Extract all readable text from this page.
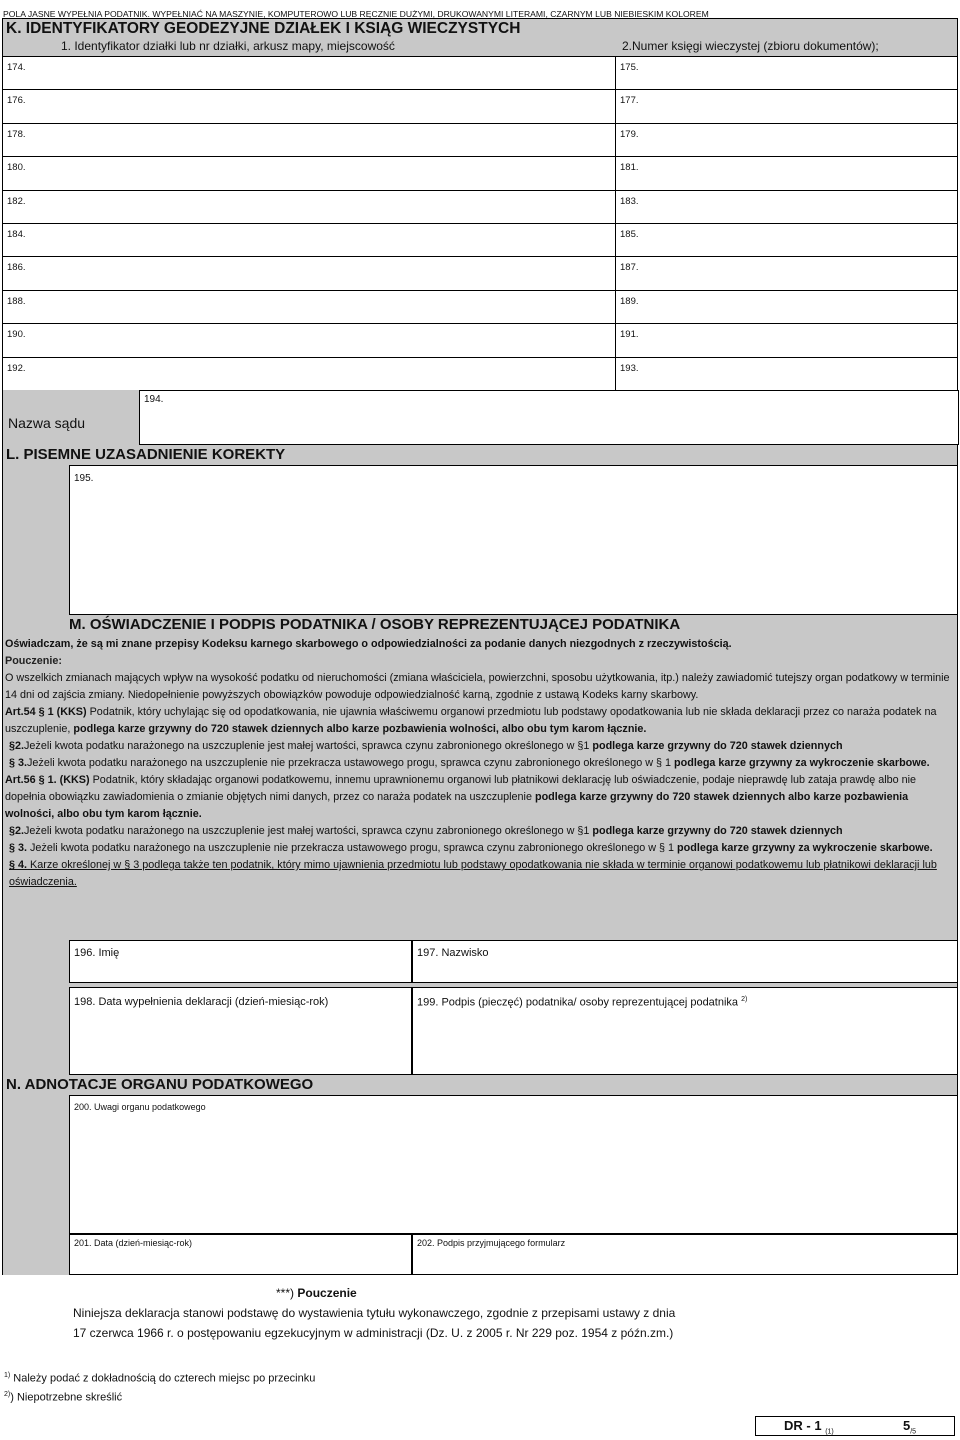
POLA JASNE WYPEŁNIA PODATNIK. WYPEŁNIAĆ NA MASZYNIE, KOMPUTEROWO LUB RĘCZNIE DUŻYMI, DRUKOWANYMI LITERAMI, CZARNYM LUB NIEBIESKIM KOLOREM
K. IDENTYFIKATORY GEODEZYJNE DZIAŁEK I KSIĄG WIECZYSTYCH
1. Identyfikator działki lub nr działki, arkusz mapy, miejscowość	2.Numer księgi wieczystej (zbioru dokumentów);
174.	175.
176.	177.
178.	179.
180.	181.
182.	183.
184.	185.
186.	187.
188.	189.
190.	191.
192.	193.
Nazwa sądu
194.
L. PISEMNE UZASADNIENIE KOREKTY
195.
M. OŚWIADCZENIE I PODPIS PODATNIKA / OSOBY REPREZENTUJĄCEJ PODATNIKA

Oświadczam, że są mi znane przepisy Kodeksu karnego skarbowego o odpowiedzialności za podanie danych niezgodnych z rzeczywistością.

Pouczenie:

O wszelkich zmianach mających wpływ na wysokość podatku od nieruchomości (zmiana właściciela, powierzchni, sposobu użytkowania, itp.) należy zawiadomić tutejszy organ podatkowy w terminie 14 dni od zajścia zmiany. Niedopełnienie powyższych obowiązków powoduje odpowiedzialność karną, zgodnie z ustawą Kodeks karny skarbowy.

Art.54 § 1 (KKS) Podatnik, który uchylając się od opodatkowania, nie ujawnia właściwemu organowi przedmiotu lub podstawy opodatkowania lub nie składa deklaracji przez co naraża podatek na uszczuplenie, podlega karze grzywny do 720 stawek dziennych albo karze pozbawienia wolności, albo obu tym karom łącznie.

§2.Jeżeli kwota podatku narażonego na uszczuplenie jest małej wartości, sprawca czynu zabronionego określonego w §1 podlega karze grzywny do 720 stawek dziennych

§ 3.Jeżeli kwota podatku narażonego na uszczuplenie nie przekracza ustawowego progu, sprawca czynu zabronionego określonego w § 1 podlega karze grzywny za wykroczenie skarbowe.

Art.56 § 1. (KKS) Podatnik, który składając organowi podatkowemu, innemu uprawnionemu organowi lub płatnikowi deklarację lub oświadczenie, podaje nieprawdę lub zataja prawdę albo nie dopełnia obowiązku zawiadomienia o zmianie objętych nimi danych, przez co naraża podatek na uszczuplenie podlega karze grzywny do 720 stawek dziennych albo karze pozbawienia wolności, albo obu tym karom łącznie.

§2.Jeżeli kwota podatku narażonego na uszczuplenie jest małej wartości, sprawca czynu zabronionego określonego w §1 podlega karze grzywny do 720 stawek dziennych

§ 3. Jeżeli kwota podatku narażonego na uszczuplenie nie przekracza ustawowego progu, sprawca czynu zabronionego określonego w § 1 podlega karze grzywny za wykroczenie skarbowe.

§ 4. Karze określonej w § 3 podlega także ten podatnik, który mimo ujawnienia przedmiotu lub podstawy opodatkowania nie składa w terminie organowi podatkowemu lub płatnikowi deklaracji lub oświadczenia.

196. Imię	197. Nazwisko
198. Data wypełnienia deklaracji (dzień-miesiąc-rok)	199. Podpis (pieczęć) podatnika/ osoby reprezentującej podatnika $^{2)}$
N. ADNOTACJE ORGANU PODATKOWEGO
200. Uwagi organu podatkowego
201. Data (dzień-miesiąc-rok)	202. Podpis przyjmującego formularz
***) Pouczenie
Niniejsza deklaracja stanowi podstawę do wystawienia tytułu wykonawczego, zgodnie z przepisami ustawy z dnia
17 czerwca 1966 r. o postępowaniu egzekucyjnym w administracji (Dz. U. z 2005 r. Nr 229 poz. 1954 z późn.zm.)
$^{1)}$ Należy podać z dokładnością do czterech miejsc po przecinku
$^{2)}$) Niepotrzebne skreślić
DR - 1 $_{(1)}$	$5_{/5}$
